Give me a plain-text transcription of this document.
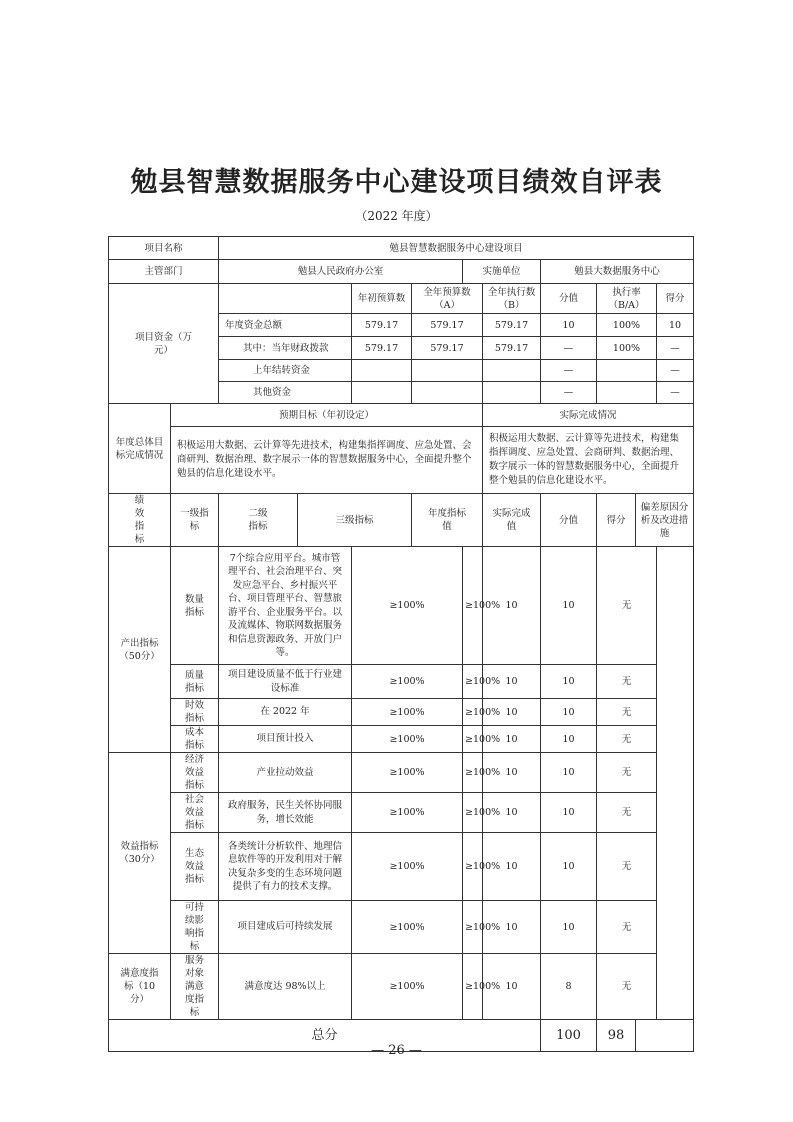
勉县智慧数据服务中心建设项目绩效自评表
（2022 年度）
项目名称		勉县智慧数据服务中心建设项目									
主管部门		勉县人民政府办公室				实施单位		勉县大数据服务中心			
项目资金（万元）				年初预算数	全年预算数（A）		全年执行数（B）	分值	执行率（B/A）		得分
		年度资金总额		579.17	579.17		579.17	10	100%		10
		其中：当年财政拨款		579.17	579.17		579.17	—	100%		—
		上年结转资金						—			—
		其他资金						—			—
年度总体目标完成情况	预期目标（年初设定）						实际完成情况				
	积极运用大数据、云计算等先进技术，构建集指挥调度、应急处置、会商研判、数据治理、数字展示一体的智慧数据服务中心，全面提升整个勉县的信息化建设水平。						积极运用大数据、云计算等先进技术，构建集指挥调度、应急处置、会商研判、数据治理、数字展示一体的智慧数据服务中心，全面提升整个勉县的信息化建设水平。				
绩效指标	一级指标	二级指标	三级指标		年度指标值		实际完成值	分值	得分	偏差原因分析及改进措施	
产出指标（50分）	数量指标	7个综合应用平台。城市管理平台、社会治理平台、突发应急平台、乡村振兴平台、项目管理平台、智慧旅游平台、企业服务平台。以及流媒体、物联网数据服务和信息资源政务、开放门户等。		≥100%		≥100%	10	10	无		
	质量指标	项目建设质量不低于行业建设标准		≥100%		≥100%	10	10	无		
	时效指标	在 2022 年		≥100%		≥100%	10	10	无		
	成本指标	项目预计投入		≥100%		≥100%	10	10	无		
效益指标（30分）	经济效益指标	产业拉动效益		≥100%		≥100%	10	10	无		
	社会效益指标	政府服务，民生关怀协同服务，增长效能		≥100%		≥100%	10	10	无		
	生态效益指标	各类统计分析软件、地理信息软件等的开发利用对于解决复杂多变的生态环境问题提供了有力的技术支撑。		≥100%		≥100%	10	10	无		
	可持续影响指标	项目建成后可持续发展		≥100%		≥100%	10	10	无		
满意度指标（10分）	服务对象满意度指标	满意度达 98%以上		≥100%		≥100%	10	8	无		
总分								100	98		
— 26 —
